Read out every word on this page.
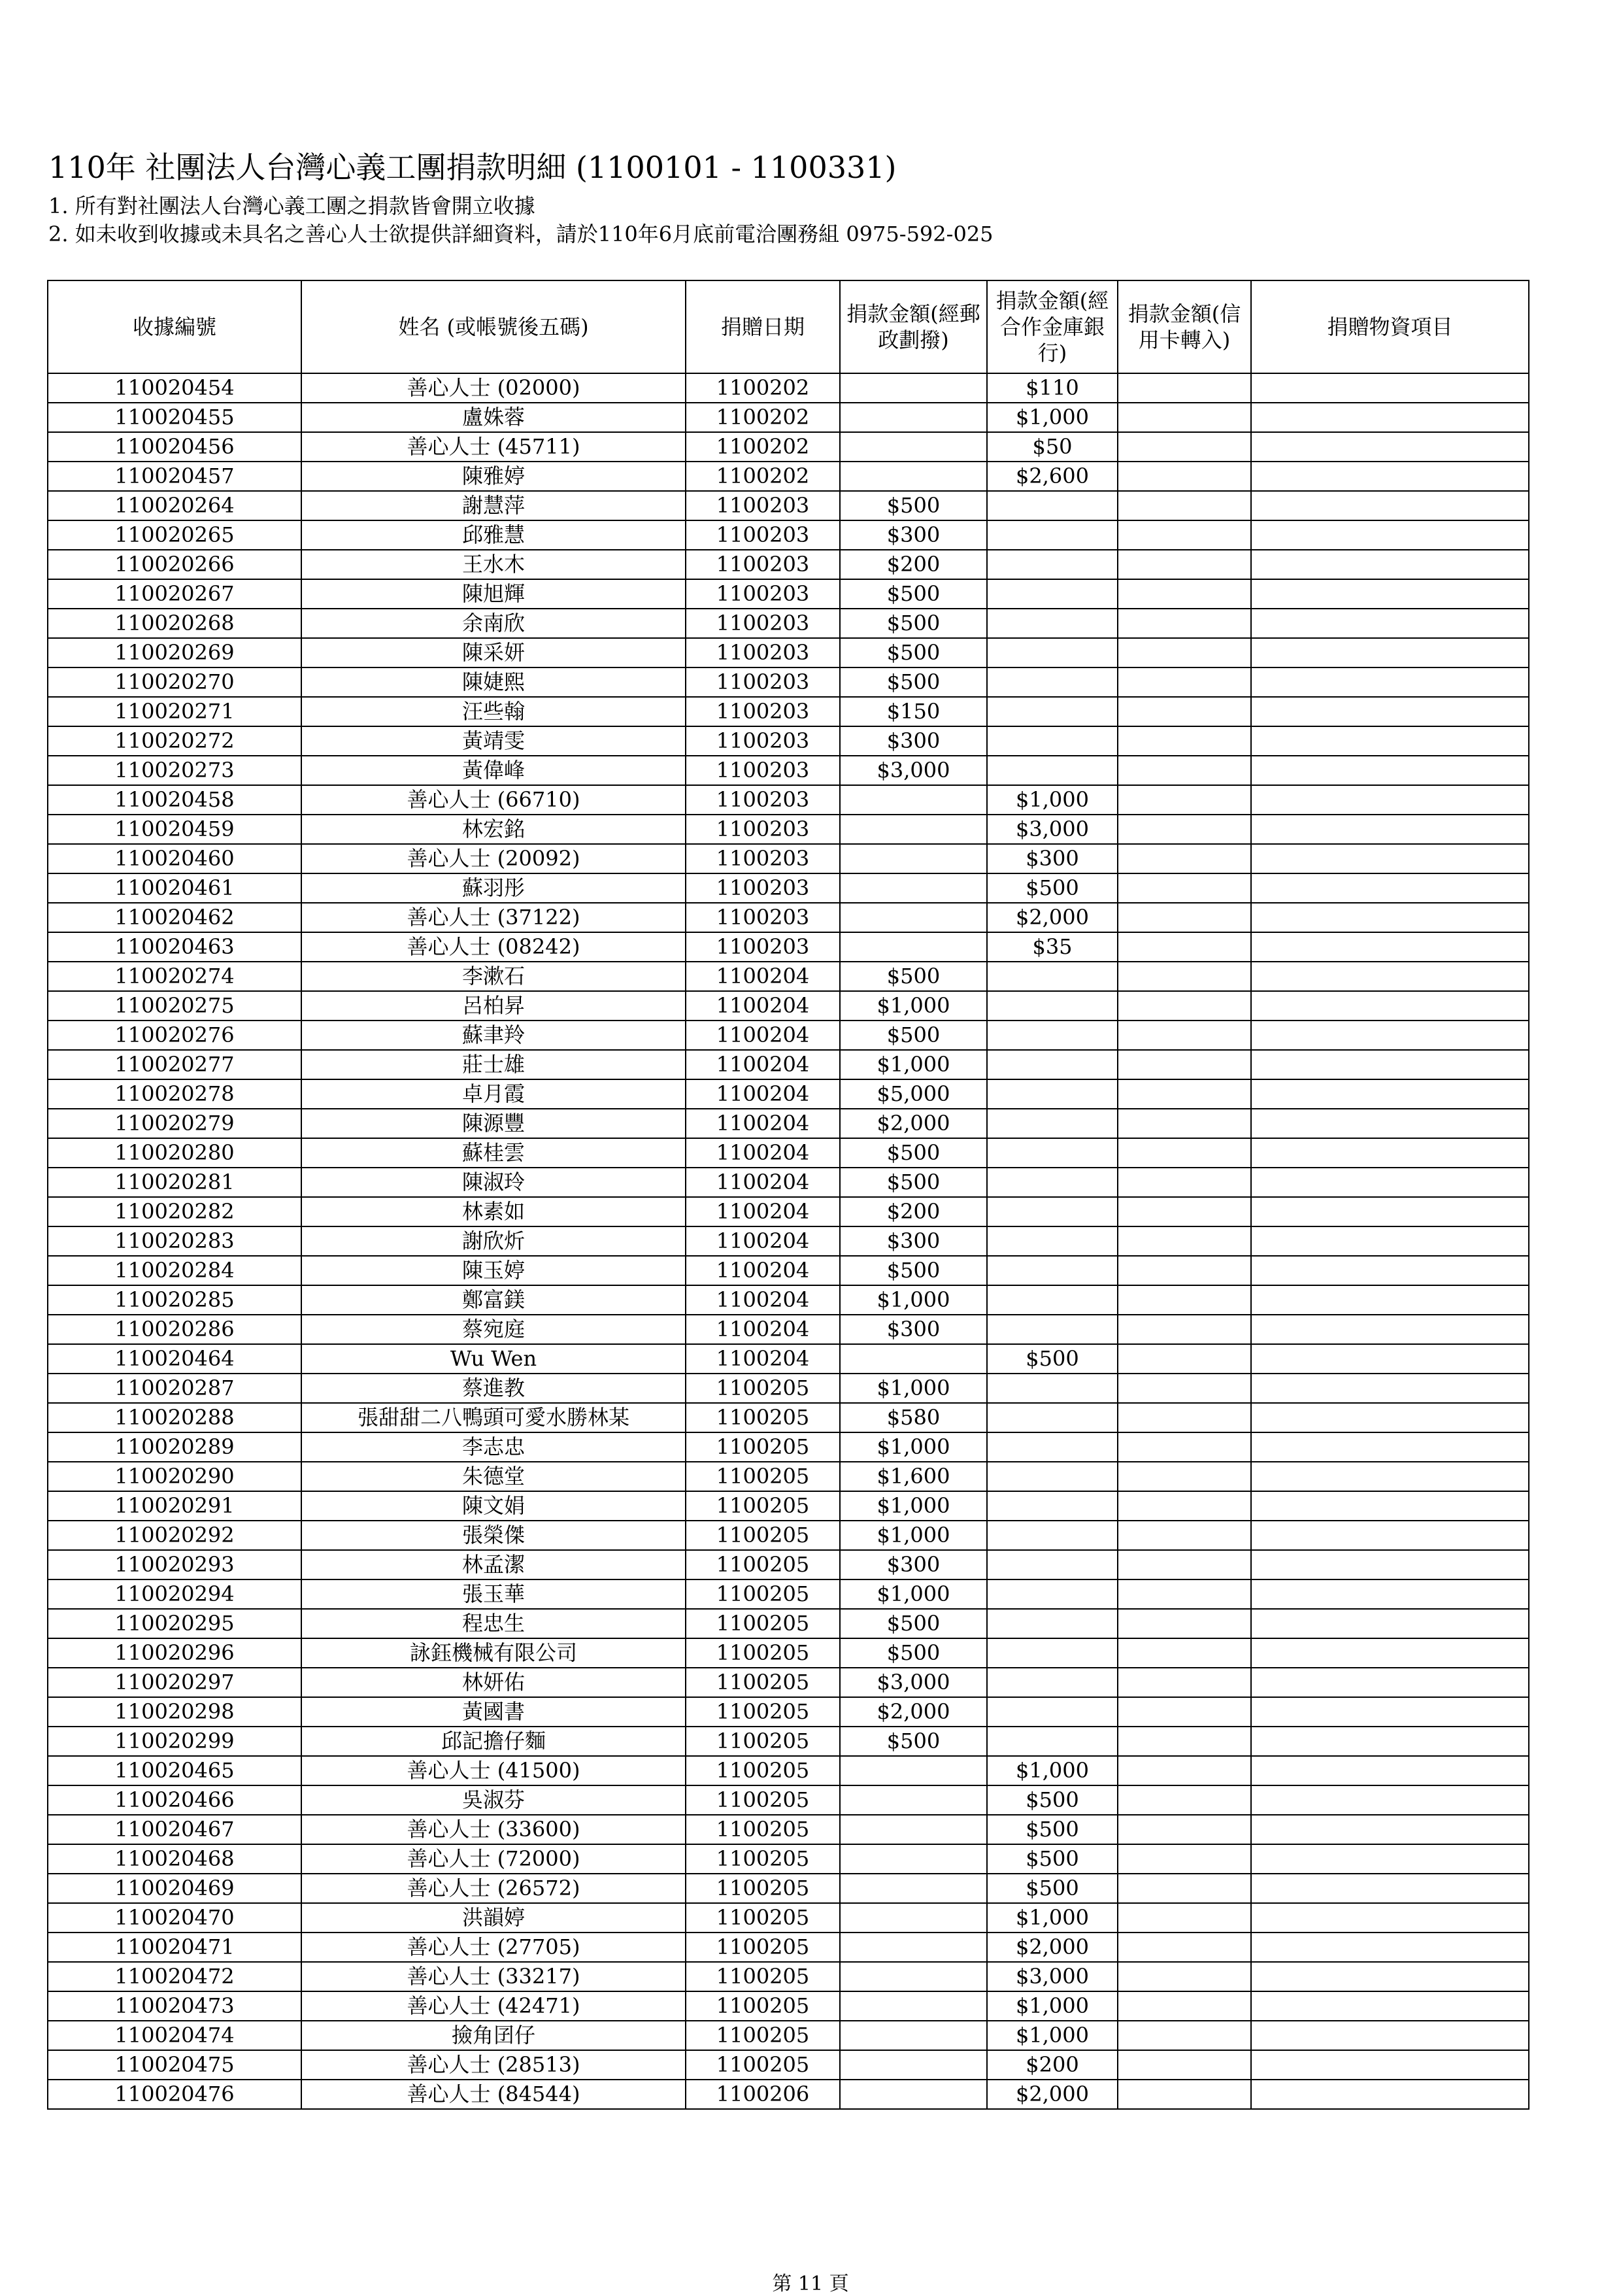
110年 社團法人台灣心義工團捐款明細 (1100101 - 1100331)
1. 所有對社團法人台灣心義工團之捐款皆會開立收據
2. 如未收到收據或未具名之善心人士欲提供詳細資料，請於110年6月底前電洽團務組 0975-592-025
收據編號	姓名 (或帳號後五碼)	捐贈日期	捐款金額(經郵政劃撥)	捐款金額(經合作金庫銀行)	捐款金額(信用卡轉入)	捐贈物資項目
110020454	善心人士 (02000)	1100202		$110		
110020455	盧姝蓉	1100202		$1,000		
110020456	善心人士 (45711)	1100202		$50		
110020457	陳雅婷	1100202		$2,600		
110020264	謝慧萍	1100203	$500			
110020265	邱雅慧	1100203	$300			
110020266	王水木	1100203	$200			
110020267	陳旭輝	1100203	$500			
110020268	余南欣	1100203	$500			
110020269	陳采妍	1100203	$500			
110020270	陳婕熙	1100203	$500			
110020271	汪些翰	1100203	$150			
110020272	黃靖雯	1100203	$300			
110020273	黃偉峰	1100203	$3,000			
110020458	善心人士 (66710)	1100203		$1,000		
110020459	林宏銘	1100203		$3,000		
110020460	善心人士 (20092)	1100203		$300		
110020461	蘇羽彤	1100203		$500		
110020462	善心人士 (37122)	1100203		$2,000		
110020463	善心人士 (08242)	1100203		$35		
110020274	李漱石	1100204	$500			
110020275	呂柏昇	1100204	$1,000			
110020276	蘇聿羚	1100204	$500			
110020277	莊士雄	1100204	$1,000			
110020278	卓月霞	1100204	$5,000			
110020279	陳源豐	1100204	$2,000			
110020280	蘇桂雲	1100204	$500			
110020281	陳淑玲	1100204	$500			
110020282	林素如	1100204	$200			
110020283	謝欣炘	1100204	$300			
110020284	陳玉婷	1100204	$500			
110020285	鄭富鎂	1100204	$1,000			
110020286	蔡宛庭	1100204	$300			
110020464	Wu Wen	1100204		$500		
110020287	蔡進教	1100205	$1,000			
110020288	張甜甜二八鴨頭可愛水勝林某	1100205	$580			
110020289	李志忠	1100205	$1,000			
110020290	朱德堂	1100205	$1,600			
110020291	陳文娟	1100205	$1,000			
110020292	張榮傑	1100205	$1,000			
110020293	林孟潔	1100205	$300			
110020294	張玉華	1100205	$1,000			
110020295	程忠生	1100205	$500			
110020296	詠鈺機械有限公司	1100205	$500			
110020297	林妍佑	1100205	$3,000			
110020298	黃國書	1100205	$2,000			
110020299	邱記擔仔麵	1100205	$500			
110020465	善心人士 (41500)	1100205		$1,000		
110020466	吳淑芬	1100205		$500		
110020467	善心人士 (33600)	1100205		$500		
110020468	善心人士 (72000)	1100205		$500		
110020469	善心人士 (26572)	1100205		$500		
110020470	洪韻婷	1100205		$1,000		
110020471	善心人士 (27705)	1100205		$2,000		
110020472	善心人士 (33217)	1100205		$3,000		
110020473	善心人士 (42471)	1100205		$1,000		
110020474	撿角囝仔	1100205		$1,000		
110020475	善心人士 (28513)	1100205		$200		
110020476	善心人士 (84544)	1100206		$2,000		
第 11 頁
